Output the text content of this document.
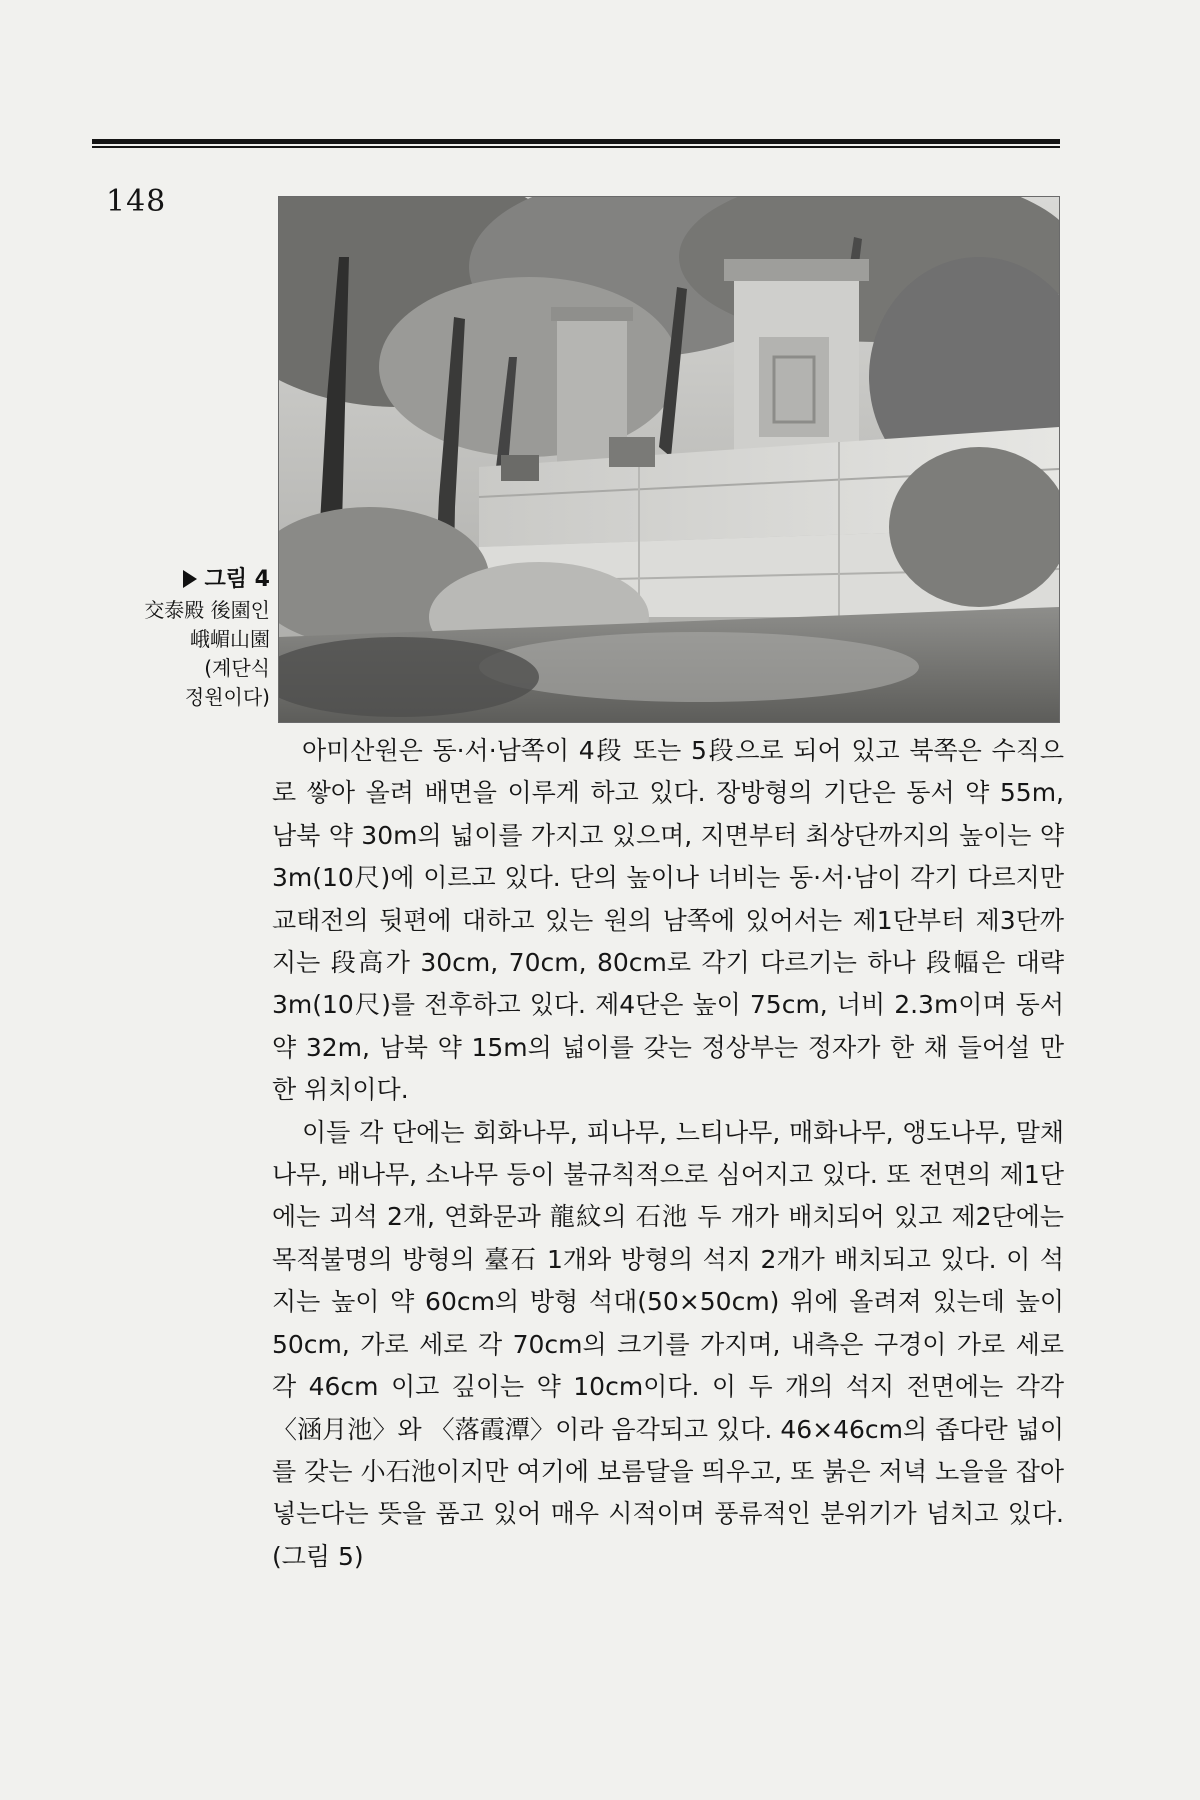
148
그림 4
交泰殿 後園인
峨嵋山園
(계단식
정원이다)

아미산원은 동·서·남쪽이 4段 또는 5段으로 되어 있고 북쪽은 수직으로 쌓아 올려 배면을 이루게 하고 있다. 장방형의 기단은 동서 약 55m, 남북 약 30m의 넓이를 가지고 있으며, 지면부터 최상단까지의 높이는 약 3m(10尺)에 이르고 있다. 단의 높이나 너비는 동·서·남이 각기 다르지만 교태전의 뒷편에 대하고 있는 원의 남쪽에 있어서는 제1단부터 제3단까지는 段高가 30cm, 70cm, 80cm로 각기 다르기는 하나 段幅은 대략 3m(10尺)를 전후하고 있다. 제4단은 높이 75cm, 너비 2.3m이며 동서 약 32m, 남북 약 15m의 넓이를 갖는 정상부는 정자가 한 채 들어설 만한 위치이다.

이들 각 단에는 회화나무, 피나무, 느티나무, 매화나무, 앵도나무, 말채나무, 배나무, 소나무 등이 불규칙적으로 심어지고 있다. 또 전면의 제1단에는 괴석 2개, 연화문과 龍紋의 石池 두 개가 배치되어 있고 제2단에는 목적불명의 방형의 臺石 1개와 방형의 석지 2개가 배치되고 있다. 이 석지는 높이 약 60cm의 방형 석대(50×50cm) 위에 올려져 있는데 높이 50cm, 가로 세로 각 70cm의 크기를 가지며, 내측은 구경이 가로 세로 각 46cm 이고 깊이는 약 10cm이다. 이 두 개의 석지 전면에는 각각 〈涵月池〉와 〈落霞潭〉이라 음각되고 있다. 46×46cm의 좁다란 넓이를 갖는 小石池이지만 여기에 보름달을 띄우고, 또 붉은 저녁 노을을 잡아 넣는다는 뜻을 품고 있어 매우 시적이며 풍류적인 분위기가 넘치고 있다. (그림 5)
